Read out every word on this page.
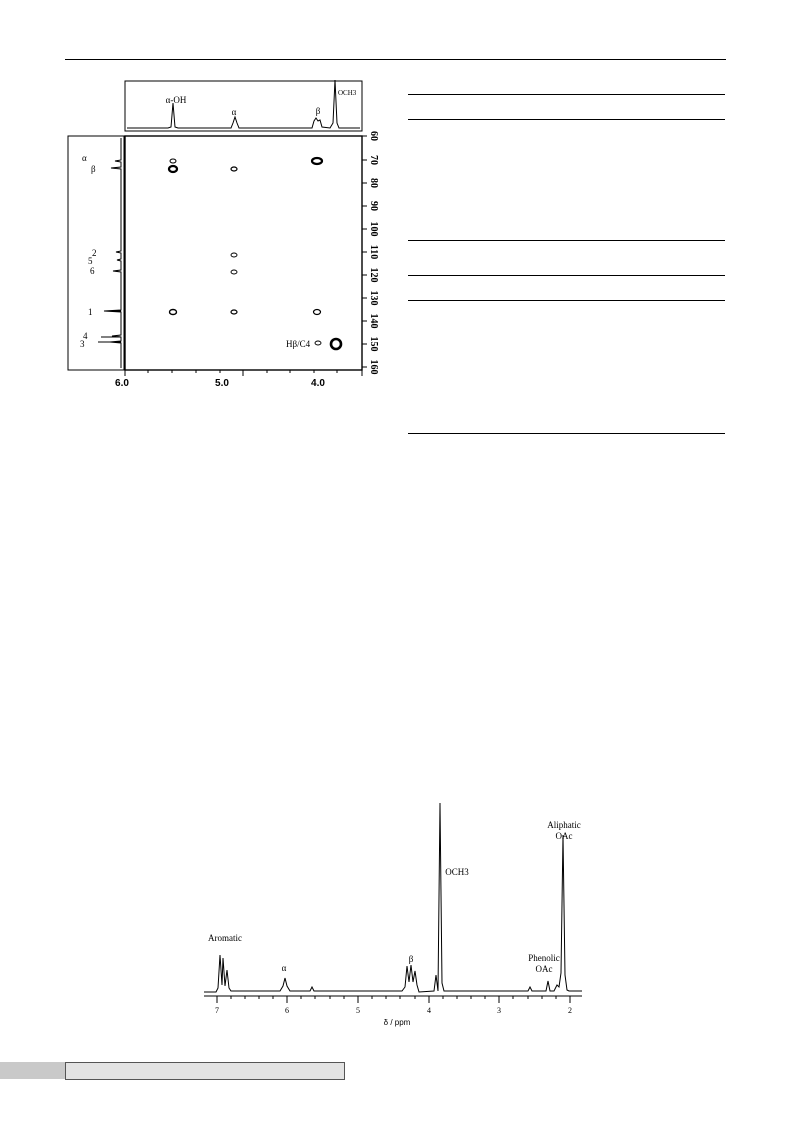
α-OH
α	β
OCH3
α
β
2
5
6
1
4
3	Hβ/C4
6.0	5.0	4.0
60
70
80
90
100
110
120
130
140
150
160
7	6	5	4	3	2
δ / ppm
Aromatic
α
β
OCH3
Phenolic OAc
Aliphatic OAc
